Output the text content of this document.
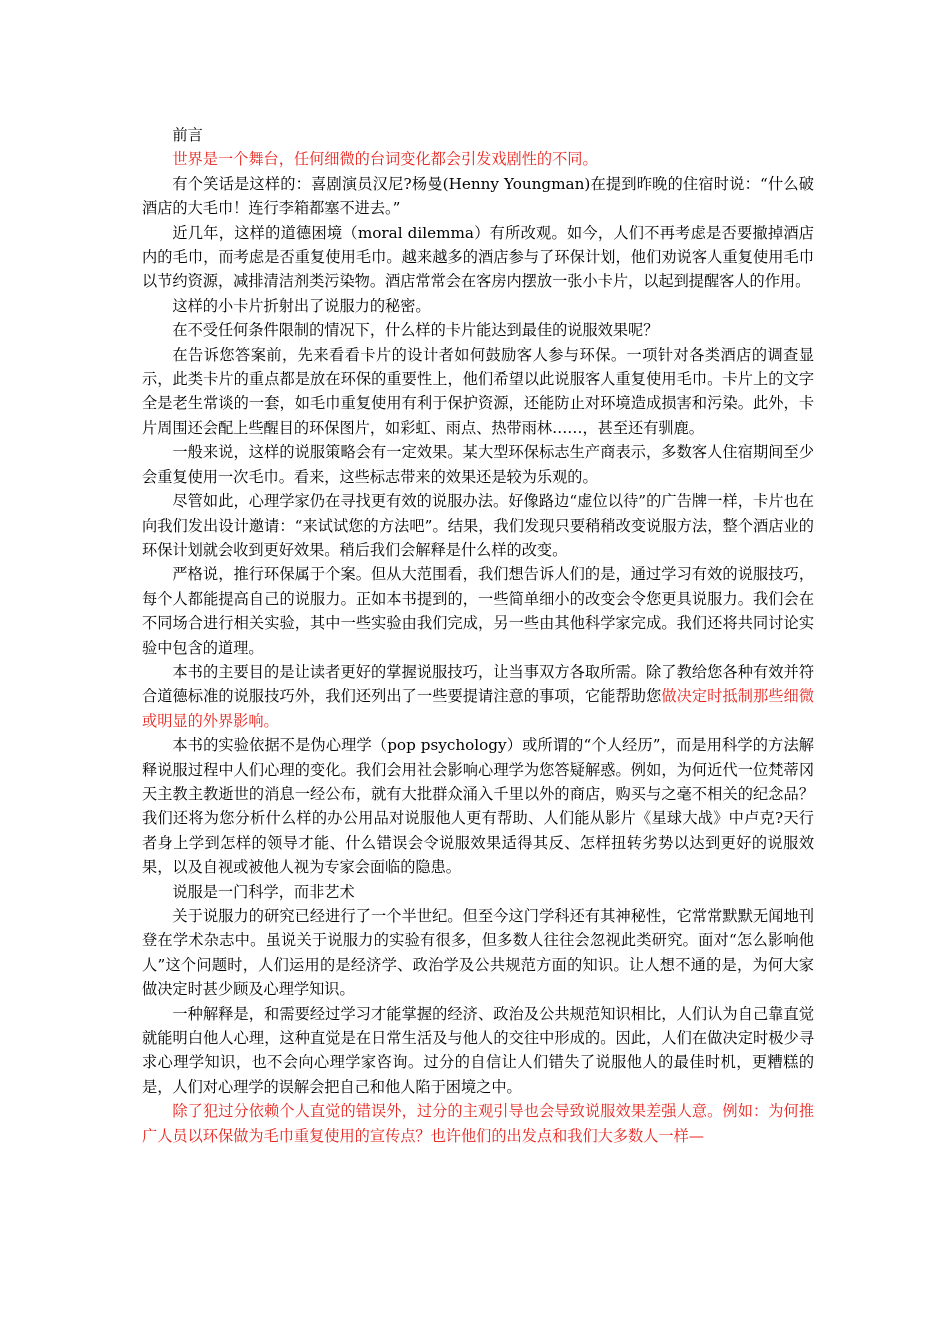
前言

世界是一个舞台，任何细微的台词变化都会引发戏剧性的不同。

有个笑话是这样的：喜剧演员汉尼?杨曼(Henny Youngman)在提到昨晚的住宿时说：“什么破酒店的大毛巾！连行李箱都塞不进去。”

近几年，这样的道德困境（moral dilemma）有所改观。如今，人们不再考虑是否要撤掉酒店内的毛巾，而考虑是否重复使用毛巾。越来越多的酒店参与了环保计划，他们劝说客人重复使用毛巾以节约资源，减排清洁剂类污染物。酒店常常会在客房内摆放一张小卡片，以起到提醒客人的作用。

这样的小卡片折射出了说服力的秘密。

在不受任何条件限制的情况下，什么样的卡片能达到最佳的说服效果呢？

在告诉您答案前，先来看看卡片的设计者如何鼓励客人参与环保。一项针对各类酒店的调查显示，此类卡片的重点都是放在环保的重要性上，他们希望以此说服客人重复使用毛巾。卡片上的文字全是老生常谈的一套，如毛巾重复使用有利于保护资源，还能防止对环境造成损害和污染。此外，卡片周围还会配上些醒目的环保图片，如彩虹、雨点、热带雨林……，甚至还有驯鹿。

一般来说，这样的说服策略会有一定效果。某大型环保标志生产商表示，多数客人住宿期间至少会重复使用一次毛巾。看来，这些标志带来的效果还是较为乐观的。

尽管如此，心理学家仍在寻找更有效的说服办法。好像路边“虚位以待”的广告牌一样，卡片也在向我们发出设计邀请：“来试试您的方法吧”。结果，我们发现只要稍稍改变说服方法，整个酒店业的环保计划就会收到更好效果。稍后我们会解释是什么样的改变。

严格说，推行环保属于个案。但从大范围看，我们想告诉人们的是，通过学习有效的说服技巧，每个人都能提高自己的说服力。正如本书提到的，一些简单细小的改变会令您更具说服力。我们会在不同场合进行相关实验，其中一些实验由我们完成，另一些由其他科学家完成。我们还将共同讨论实验中包含的道理。

本书的主要目的是让读者更好的掌握说服技巧，让当事双方各取所需。除了教给您各种有效并符合道德标准的说服技巧外，我们还列出了一些要提请注意的事项，它能帮助您做决定时抵制那些细微或明显的外界影响。

本书的实验依据不是伪心理学（pop psychology）或所谓的“个人经历”，而是用科学的方法解释说服过程中人们心理的变化。我们会用社会影响心理学为您答疑解惑。例如，为何近代一位梵蒂冈天主教主教逝世的消息一经公布，就有大批群众涌入千里以外的商店，购买与之毫不相关的纪念品？我们还将为您分析什么样的办公用品对说服他人更有帮助、人们能从影片《星球大战》中卢克?天行者身上学到怎样的领导才能、什么错误会令说服效果适得其反、怎样扭转劣势以达到更好的说服效果，以及自视或被他人视为专家会面临的隐患。

说服是一门科学，而非艺术

关于说服力的研究已经进行了一个半世纪。但至今这门学科还有其神秘性，它常常默默无闻地刊登在学术杂志中。虽说关于说服力的实验有很多，但多数人往往会忽视此类研究。面对“怎么影响他人”这个问题时，人们运用的是经济学、政治学及公共规范方面的知识。让人想不通的是，为何大家做决定时甚少顾及心理学知识。

一种解释是，和需要经过学习才能掌握的经济、政治及公共规范知识相比，人们认为自己靠直觉就能明白他人心理，这种直觉是在日常生活及与他人的交往中形成的。因此，人们在做决定时极少寻求心理学知识，也不会向心理学家咨询。过分的自信让人们错失了说服他人的最佳时机，更糟糕的是，人们对心理学的误解会把自己和他人陷于困境之中。

除了犯过分依赖个人直觉的错误外，过分的主观引导也会导致说服效果差强人意。例如：为何推广人员以环保做为毛巾重复使用的宣传点？也许他们的出发点和我们大多数人一样—
